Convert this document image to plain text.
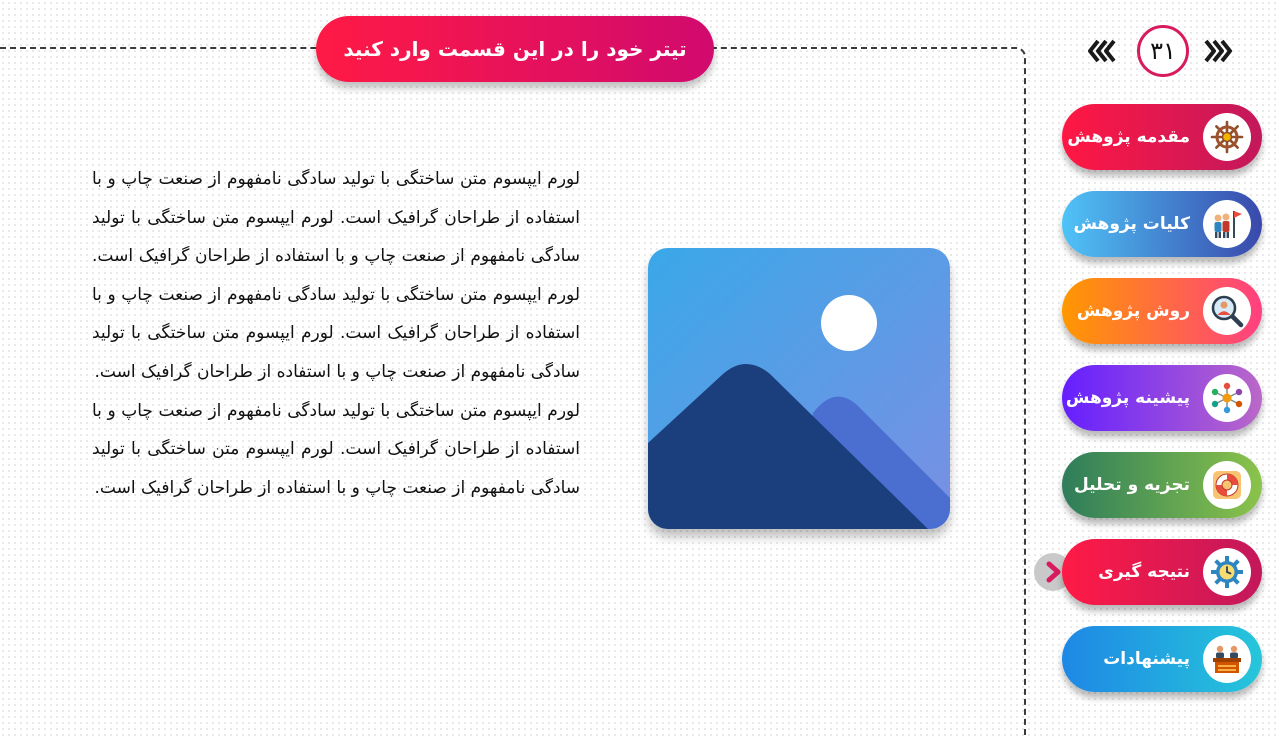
تیتر خود را در این قسمت وارد کنید	۳۱
مقدمه پژوهش
کلیات پژوهش
روش پژوهش
پیشینه پژوهش
تجزیه و تحلیل
نتیجه گیری
پیشنهادات

لورم ایپسوم متن ساختگی با تولید سادگی نامفهوم از صنعت چاپ و با استفاده از طراحان گرافیک است. لورم ایپسوم متن ساختگی با تولید سادگی نامفهوم از صنعت چاپ و با استفاده از طراحان گرافیک است. لورم ایپسوم متن ساختگی با تولید سادگی نامفهوم از صنعت چاپ و با استفاده از طراحان گرافیک است. لورم ایپسوم متن ساختگی با تولید سادگی نامفهوم از صنعت چاپ و با استفاده از طراحان گرافیک است.

لورم ایپسوم متن ساختگی با تولید سادگی نامفهوم از صنعت چاپ و با استفاده از طراحان گرافیک است. لورم ایپسوم متن ساختگی با تولید سادگی نامفهوم از صنعت چاپ و با استفاده از طراحان گرافیک است.
